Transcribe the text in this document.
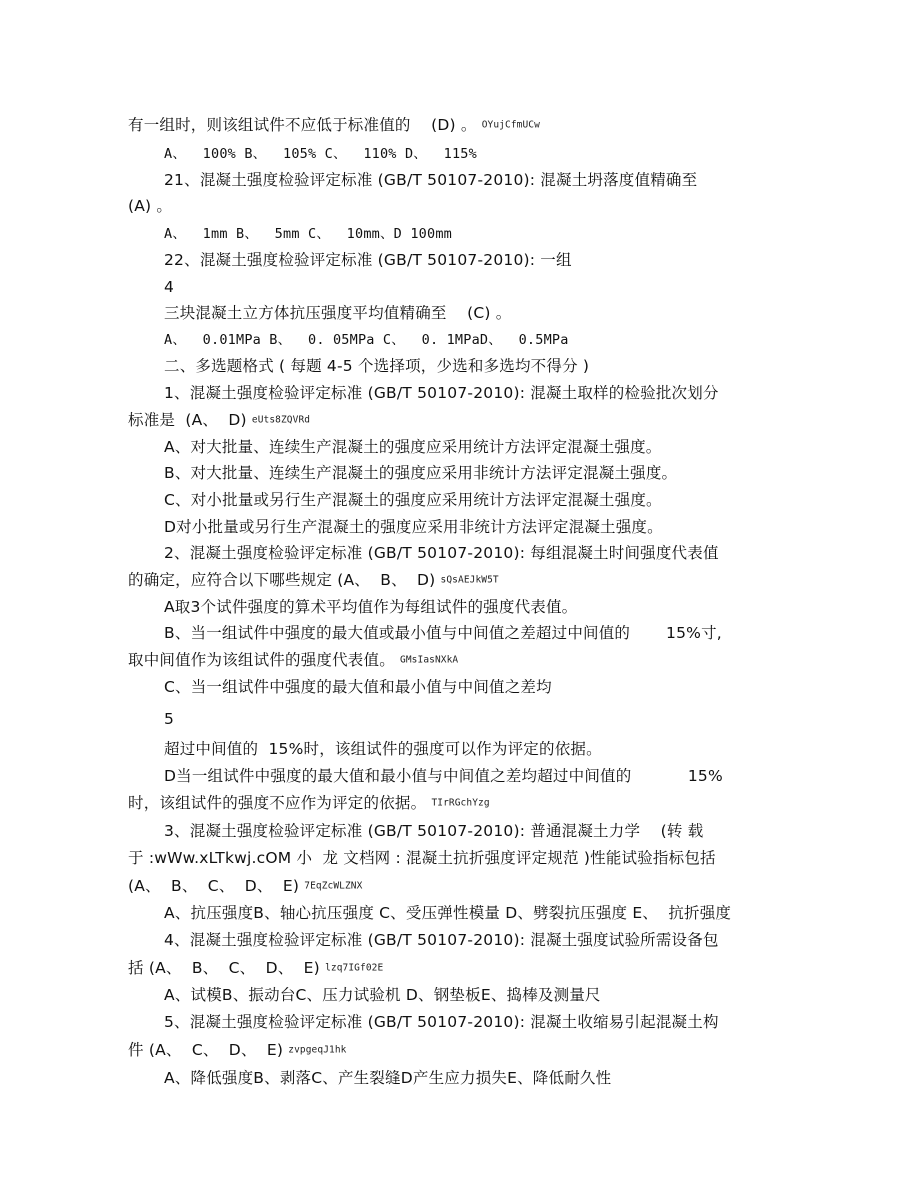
有一组时，则该组试件不应低于标准值的    (D) 。 OYujCfmUCw
A、  100% B、  105% C、  110% D、  115%
21、混凝土强度检验评定标准 (GB/T 50107-2010): 混凝土坍落度值精确至
(A) 。
A、  1mm B、  5mm C、  10mm、D 100mm
22、混凝土强度检验评定标准 (GB/T 50107-2010): 一组
4
三块混凝土立方体抗压强度平均值精确至    (C) 。
A、  0.01MPa B、  0. 05MPa C、  0. 1MPaD、  0.5MPa
二、多选题格式 ( 每题 4-5 个选择项，少选和多选均不得分 )
1、混凝土强度检验评定标准 (GB/T 50107-2010): 混凝土取样的检验批次划分
标准是  (A、  D) eUts8ZQVRd
A、对大批量、连续生产混凝土的强度应采用统计方法评定混凝土强度。
B、对大批量、连续生产混凝土的强度应采用非统计方法评定混凝土强度。
C、对小批量或另行生产混凝土的强度应采用统计方法评定混凝土强度。
D对小批量或另行生产混凝土的强度应采用非统计方法评定混凝土强度。
2、混凝土强度检验评定标准 (GB/T 50107-2010): 每组混凝土时间强度代表值
的确定，应符合以下哪些规定 (A、  B、  D) sQsAEJkW5T
A取3个试件强度的算术平均值作为每组试件的强度代表值。
B、当一组试件中强度的最大值或最小值与中间值之差超过中间值的       15%寸,
取中间值作为该组试件的强度代表值。 GMsIasNXkA
C、当一组试件中强度的最大值和最小值与中间值之差均
5
超过中间值的  15%时，该组试件的强度可以作为评定的依据。
D当一组试件中强度的最大值和最小值与中间值之差均超过中间值的           15%
时，该组试件的强度不应作为评定的依据。 TIrRGchYzg
3、混凝土强度检验评定标准 (GB/T 50107-2010): 普通混凝土力学    (转 载
于 :wWw.xLTkwj.cOM 小  龙 文档网 : 混凝土抗折强度评定规范 )性能试验指标包括
(A、  B、  C、  D、  E) 7EqZcWLZNX
A、抗压强度B、轴心抗压强度 C、受压弹性模量 D、劈裂抗压强度 E、  抗折强度
4、混凝土强度检验评定标准 (GB/T 50107-2010): 混凝土强度试验所需设备包
括 (A、  B、  C、  D、  E) lzq7IGf02E
A、试模B、振动台C、压力试验机 D、钢垫板E、捣棒及测量尺
5、混凝土强度检验评定标准 (GB/T 50107-2010): 混凝土收缩易引起混凝土构
件 (A、  C、  D、  E) zvpgeqJ1hk
A、降低强度B、剥落C、产生裂缝D产生应力损失E、降低耐久性
